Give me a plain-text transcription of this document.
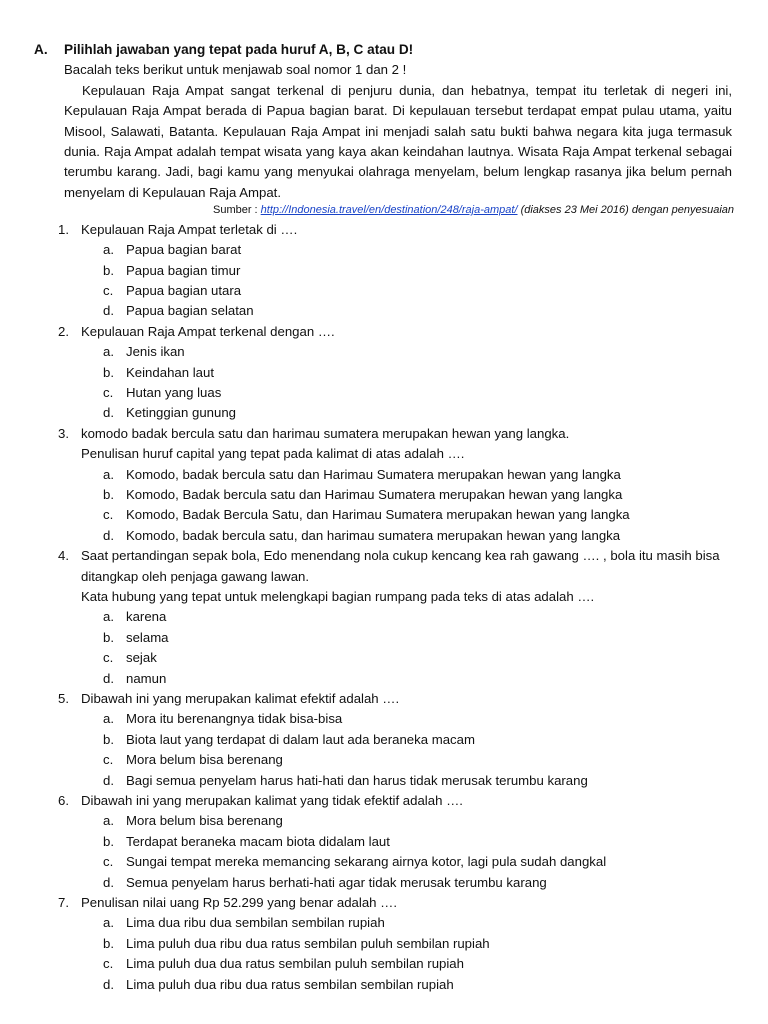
A. Pilihlah jawaban yang tepat pada huruf A, B, C atau D!
Bacalah teks berikut untuk menjawab soal nomor 1 dan 2 !
Kepulauan Raja Ampat sangat terkenal di penjuru dunia, dan hebatnya, tempat itu terletak di negeri ini,
Kepulauan Raja Ampat berada di Papua bagian barat. Di kepulauan tersebut terdapat empat pulau utama, yaitu
Misool, Salawati, Batanta. Kepulauan Raja Ampat ini menjadi salah satu bukti bahwa negara kita juga termasuk
dunia. Raja Ampat adalah tempat wisata yang kaya akan keindahan lautnya. Wisata Raja Ampat terkenal sebagai
terumbu karang. Jadi, bagi kamu yang menyukai olahraga menyelam, belum lengkap rasanya jika belum pernah
menyelam di Kepulauan Raja Ampat.
Sumber : http://Indonesia.travel/en/destination/248/raja-ampat/ (diakses 23 Mei 2016) dengan penyesuaian
1. Kepulauan Raja Ampat terletak di ….
a. Papua bagian barat
b. Papua bagian timur
c. Papua bagian utara
d. Papua bagian selatan
2. Kepulauan Raja Ampat terkenal dengan ….
a. Jenis ikan
b. Keindahan laut
c. Hutan yang luas
d. Ketinggian gunung
3. komodo badak bercula satu dan harimau sumatera merupakan hewan yang langka.
Penulisan huruf capital yang tepat pada kalimat di atas adalah ….
a. Komodo, badak bercula satu dan Harimau Sumatera merupakan hewan yang langka
b. Komodo, Badak bercula satu dan Harimau Sumatera merupakan hewan yang langka
c. Komodo, Badak Bercula Satu, dan Harimau Sumatera merupakan hewan yang langka
d. Komodo, badak bercula satu, dan harimau sumatera merupakan hewan yang langka
4. Saat pertandingan sepak bola, Edo menendang nola cukup kencang kea rah gawang …. , bola itu masih bisa
ditangkap oleh penjaga gawang lawan.
Kata hubung yang tepat untuk melengkapi bagian rumpang pada teks di atas adalah ….
a. karena
b. selama
c. sejak
d. namun
5. Dibawah ini yang merupakan kalimat efektif adalah ….
a. Mora itu berenangnya tidak bisa-bisa
b. Biota laut yang terdapat di dalam laut ada beraneka macam
c. Mora belum bisa berenang
d. Bagi semua penyelam harus hati-hati dan harus tidak merusak terumbu karang
6. Dibawah ini yang merupakan kalimat yang tidak efektif adalah ….
a. Mora belum bisa berenang
b. Terdapat beraneka macam biota didalam laut
c. Sungai tempat mereka memancing sekarang airnya kotor, lagi pula sudah dangkal
d. Semua penyelam harus berhati-hati agar tidak merusak terumbu karang
7. Penulisan nilai uang Rp 52.299 yang benar adalah ….
a. Lima dua ribu dua sembilan sembilan rupiah
b. Lima puluh dua ribu dua ratus sembilan puluh sembilan rupiah
c. Lima puluh dua dua ratus sembilan puluh sembilan rupiah
d. Lima puluh dua ribu dua ratus sembilan sembilan rupiah
